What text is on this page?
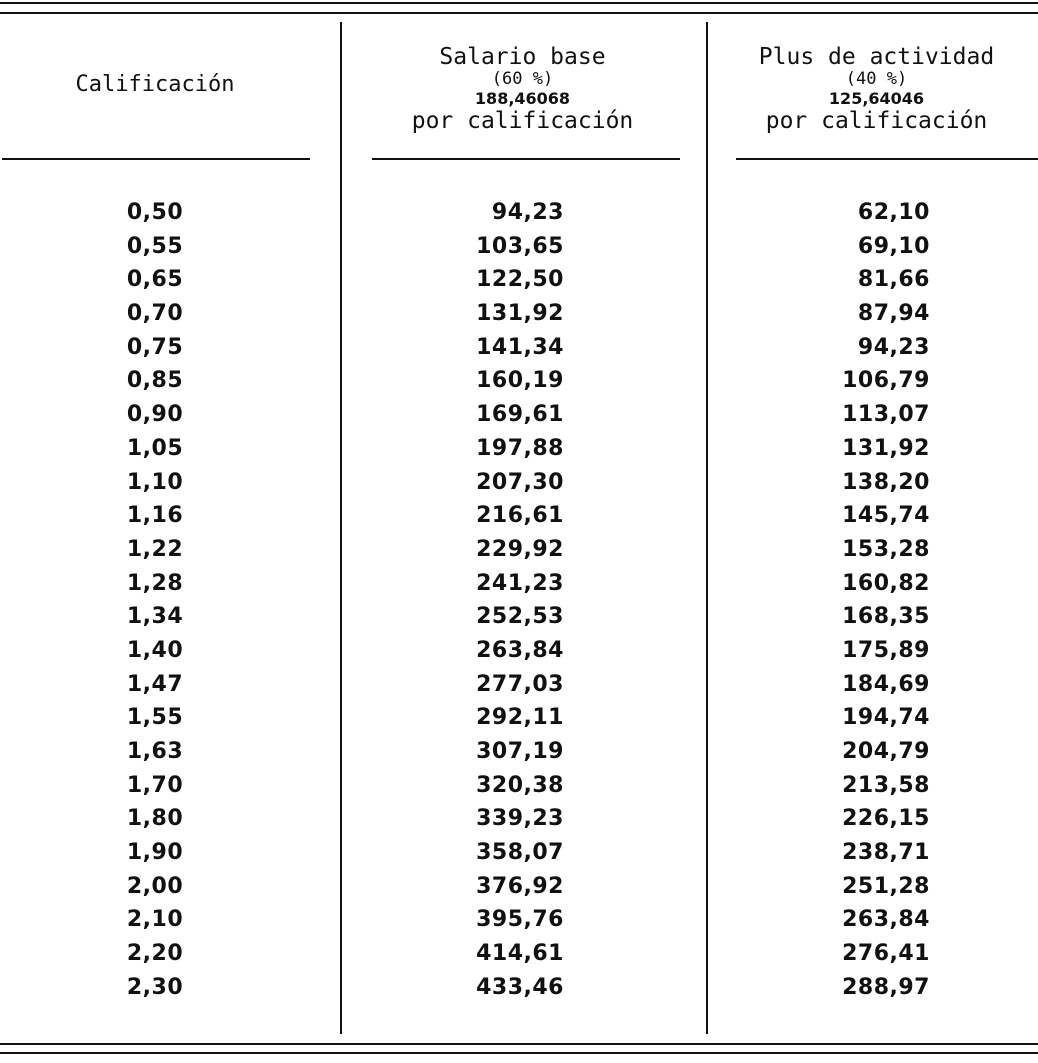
Calificación
Salario base
(60 %)
188,46068
por calificación
Plus de actividad
(40 %)
125,64046
por calificación
0,50	94,23	62,10
0,55	103,65	69,10
0,65	122,50	81,66
0,70	131,92	87,94
0,75	141,34	94,23
0,85	160,19	106,79
0,90	169,61	113,07
1,05	197,88	131,92
1,10	207,30	138,20
1,16	216,61	145,74
1,22	229,92	153,28
1,28	241,23	160,82
1,34	252,53	168,35
1,40	263,84	175,89
1,47	277,03	184,69
1,55	292,11	194,74
1,63	307,19	204,79
1,70	320,38	213,58
1,80	339,23	226,15
1,90	358,07	238,71
2,00	376,92	251,28
2,10	395,76	263,84
2,20	414,61	276,41
2,30	433,46	288,97
